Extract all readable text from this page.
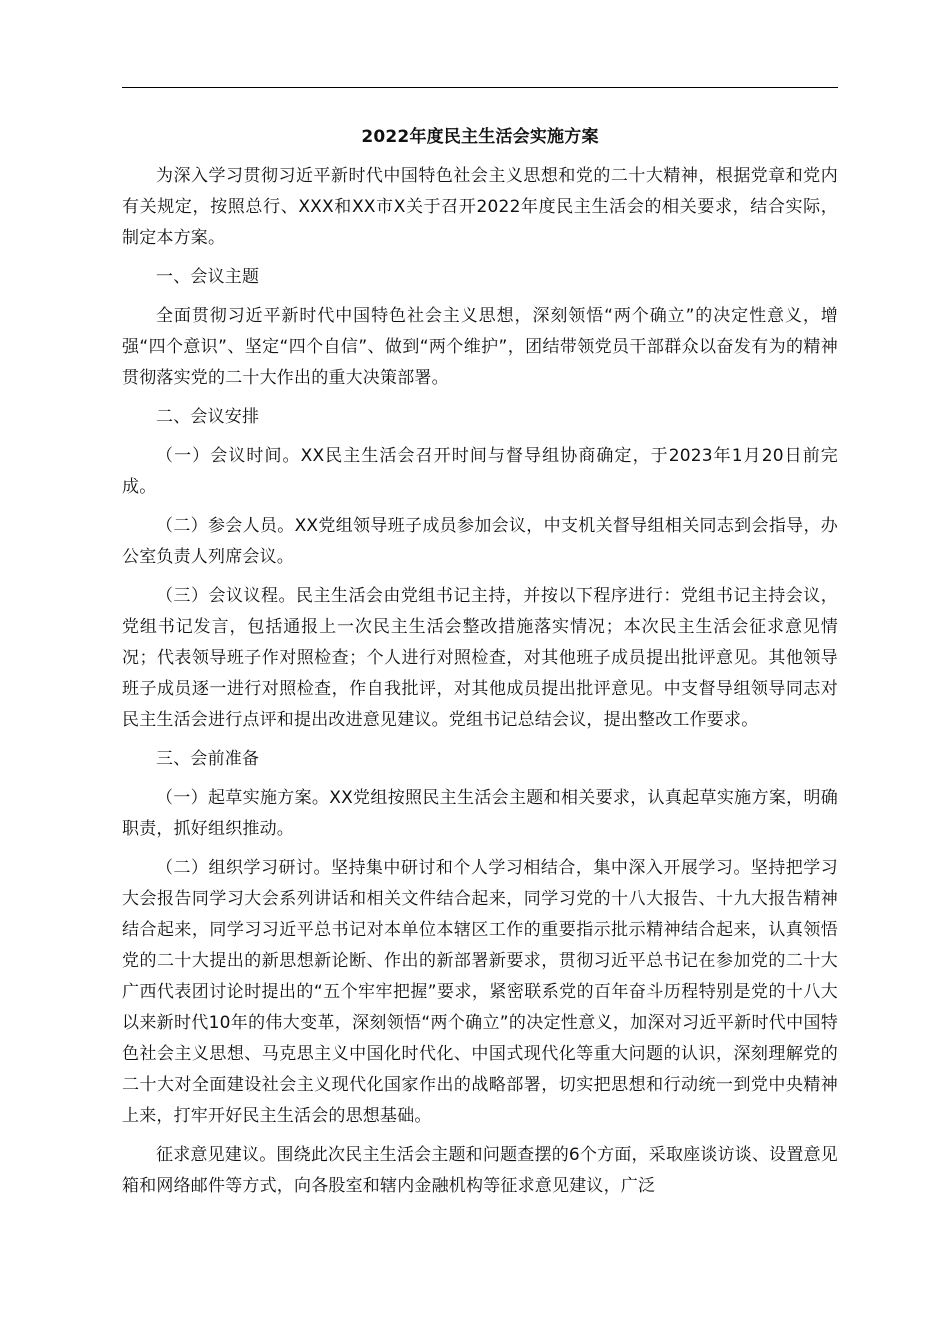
2022年度民主生活会实施方案

为深入学习贯彻习近平新时代中国特色社会主义思想和党的二十大精神，根据党章和党内有关规定，按照总行、XXX和XX市X关于召开2022年度民主生活会的相关要求，结合实际，制定本方案。

一、会议主题

全面贯彻习近平新时代中国特色社会主义思想，深刻领悟“两个确立”的决定性意义，增强“四个意识”、坚定“四个自信”、做到“两个维护”，团结带领党员干部群众以奋发有为的精神贯彻落实党的二十大作出的重大决策部署。

二、会议安排

（一）会议时间。XX民主生活会召开时间与督导组协商确定，于2023年1月20日前完成。

（二）参会人员。XX党组领导班子成员参加会议，中支机关督导组相关同志到会指导，办公室负责人列席会议。

（三）会议议程。民主生活会由党组书记主持，并按以下程序进行：党组书记主持会议，党组书记发言，包括通报上一次民主生活会整改措施落实情况；本次民主生活会征求意见情况；代表领导班子作对照检查；个人进行对照检查，对其他班子成员提出批评意见。其他领导班子成员逐一进行对照检查，作自我批评，对其他成员提出批评意见。中支督导组领导同志对民主生活会进行点评和提出改进意见建议。党组书记总结会议，提出整改工作要求。

三、会前准备

（一）起草实施方案。XX党组按照民主生活会主题和相关要求，认真起草实施方案，明确职责，抓好组织推动。

（二）组织学习研讨。坚持集中研讨和个人学习相结合，集中深入开展学习。坚持把学习大会报告同学习大会系列讲话和相关文件结合起来，同学习党的十八大报告、十九大报告精神结合起来，同学习习近平总书记对本单位本辖区工作的重要指示批示精神结合起来，认真领悟党的二十大提出的新思想新论断、作出的新部署新要求，贯彻习近平总书记在参加党的二十大广西代表团讨论时提出的“五个牢牢把握”要求，紧密联系党的百年奋斗历程特别是党的十八大以来新时代10年的伟大变革，深刻领悟“两个确立”的决定性意义，加深对习近平新时代中国特色社会主义思想、马克思主义中国化时代化、中国式现代化等重大问题的认识，深刻理解党的二十大对全面建设社会主义现代化国家作出的战略部署，切实把思想和行动统一到党中央精神上来，打牢开好民主生活会的思想基础。

征求意见建议。围绕此次民主生活会主题和问题查摆的6个方面，采取座谈访谈、设置意见箱和网络邮件等方式，向各股室和辖内金融机构等征求意见建议，广泛
